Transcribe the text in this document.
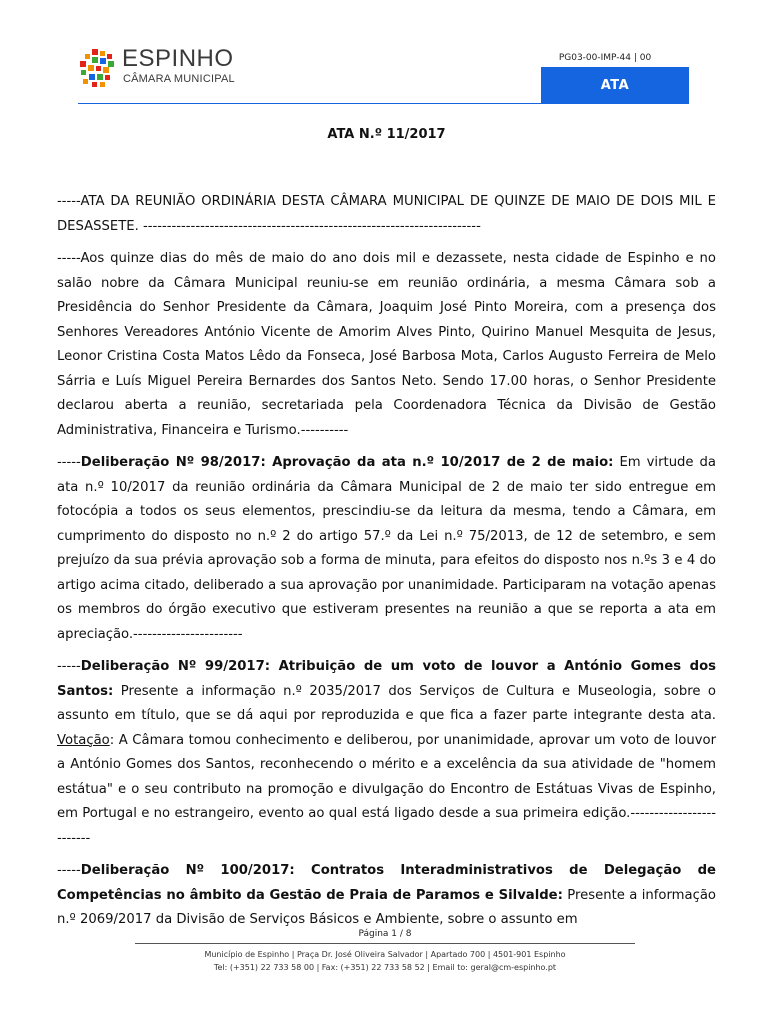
ESPINHO
CÂMARA MUNICIPAL
PG03-00-IMP-44 | 00
ATA
ATA N.º 11/2017

-----ATA DA REUNIÃO ORDINÁRIA DESTA CÂMARA MUNICIPAL DE QUINZE DE MAIO DE DOIS MIL E DESASSETE. -----------------------------------------------------------------------

-----Aos quinze dias do mês de maio do ano dois mil e dezassete, nesta cidade de Espinho e no salão nobre da Câmara Municipal reuniu-se em reunião ordinária, a mesma Câmara sob a Presidência do Senhor Presidente da Câmara, Joaquim José Pinto Moreira, com a presença dos Senhores Vereadores António Vicente de Amorim Alves Pinto, Quirino Manuel Mesquita de Jesus, Leonor Cristina Costa Matos Lêdo da Fonseca, José Barbosa Mota, Carlos Augusto Ferreira de Melo Sárria e Luís Miguel Pereira Bernardes dos Santos Neto. Sendo 17.00 horas, o Senhor Presidente declarou aberta a reunião, secretariada pela Coordenadora Técnica da Divisão de Gestão Administrativa, Financeira e Turismo.----------

-----Deliberação Nº 98/2017: Aprovação da ata n.º 10/2017 de 2 de maio: Em virtude da ata n.º 10/2017 da reunião ordinária da Câmara Municipal de 2 de maio ter sido entregue em fotocópia a todos os seus elementos, prescindiu-se da leitura da mesma, tendo a Câmara, em cumprimento do disposto no n.º 2 do artigo 57.º da Lei n.º 75/2013, de 12 de setembro, e sem prejuízo da sua prévia aprovação sob a forma de minuta, para efeitos do disposto nos n.ºs 3 e 4 do artigo acima citado, deliberado a sua aprovação por unanimidade. Participaram na votação apenas os membros do órgão executivo que estiveram presentes na reunião a que se reporta a ata em apreciação.-----------------------

-----Deliberação Nº 99/2017: Atribuição de um voto de louvor a António Gomes dos Santos: Presente a informação n.º 2035/2017 dos Serviços de Cultura e Museologia, sobre o assunto em título, que se dá aqui por reproduzida e que fica a fazer parte integrante desta ata. Votação: A Câmara tomou conhecimento e deliberou, por unanimidade, aprovar um voto de louvor a António Gomes dos Santos, reconhecendo o mérito e a excelência da sua atividade de "homem estátua" e o seu contributo na promoção e divulgação do Encontro de Estátuas Vivas de Espinho, em Portugal e no estrangeiro, evento ao qual está ligado desde a sua primeira edição.-------------------------

-----Deliberação Nº 100/2017: Contratos Interadministrativos de Delegação de Competências no âmbito da Gestão de Praia de Paramos e Silvalde: Presente a informação n.º 2069/2017 da Divisão de Serviços Básicos e Ambiente, sobre o assunto em

Página 1 / 8
Município de Espinho | Praça Dr. José Oliveira Salvador | Apartado 700 | 4501-901 Espinho
Tel: (+351) 22 733 58 00 | Fax: (+351) 22 733 58 52 | Email to: geral@cm-espinho.pt
